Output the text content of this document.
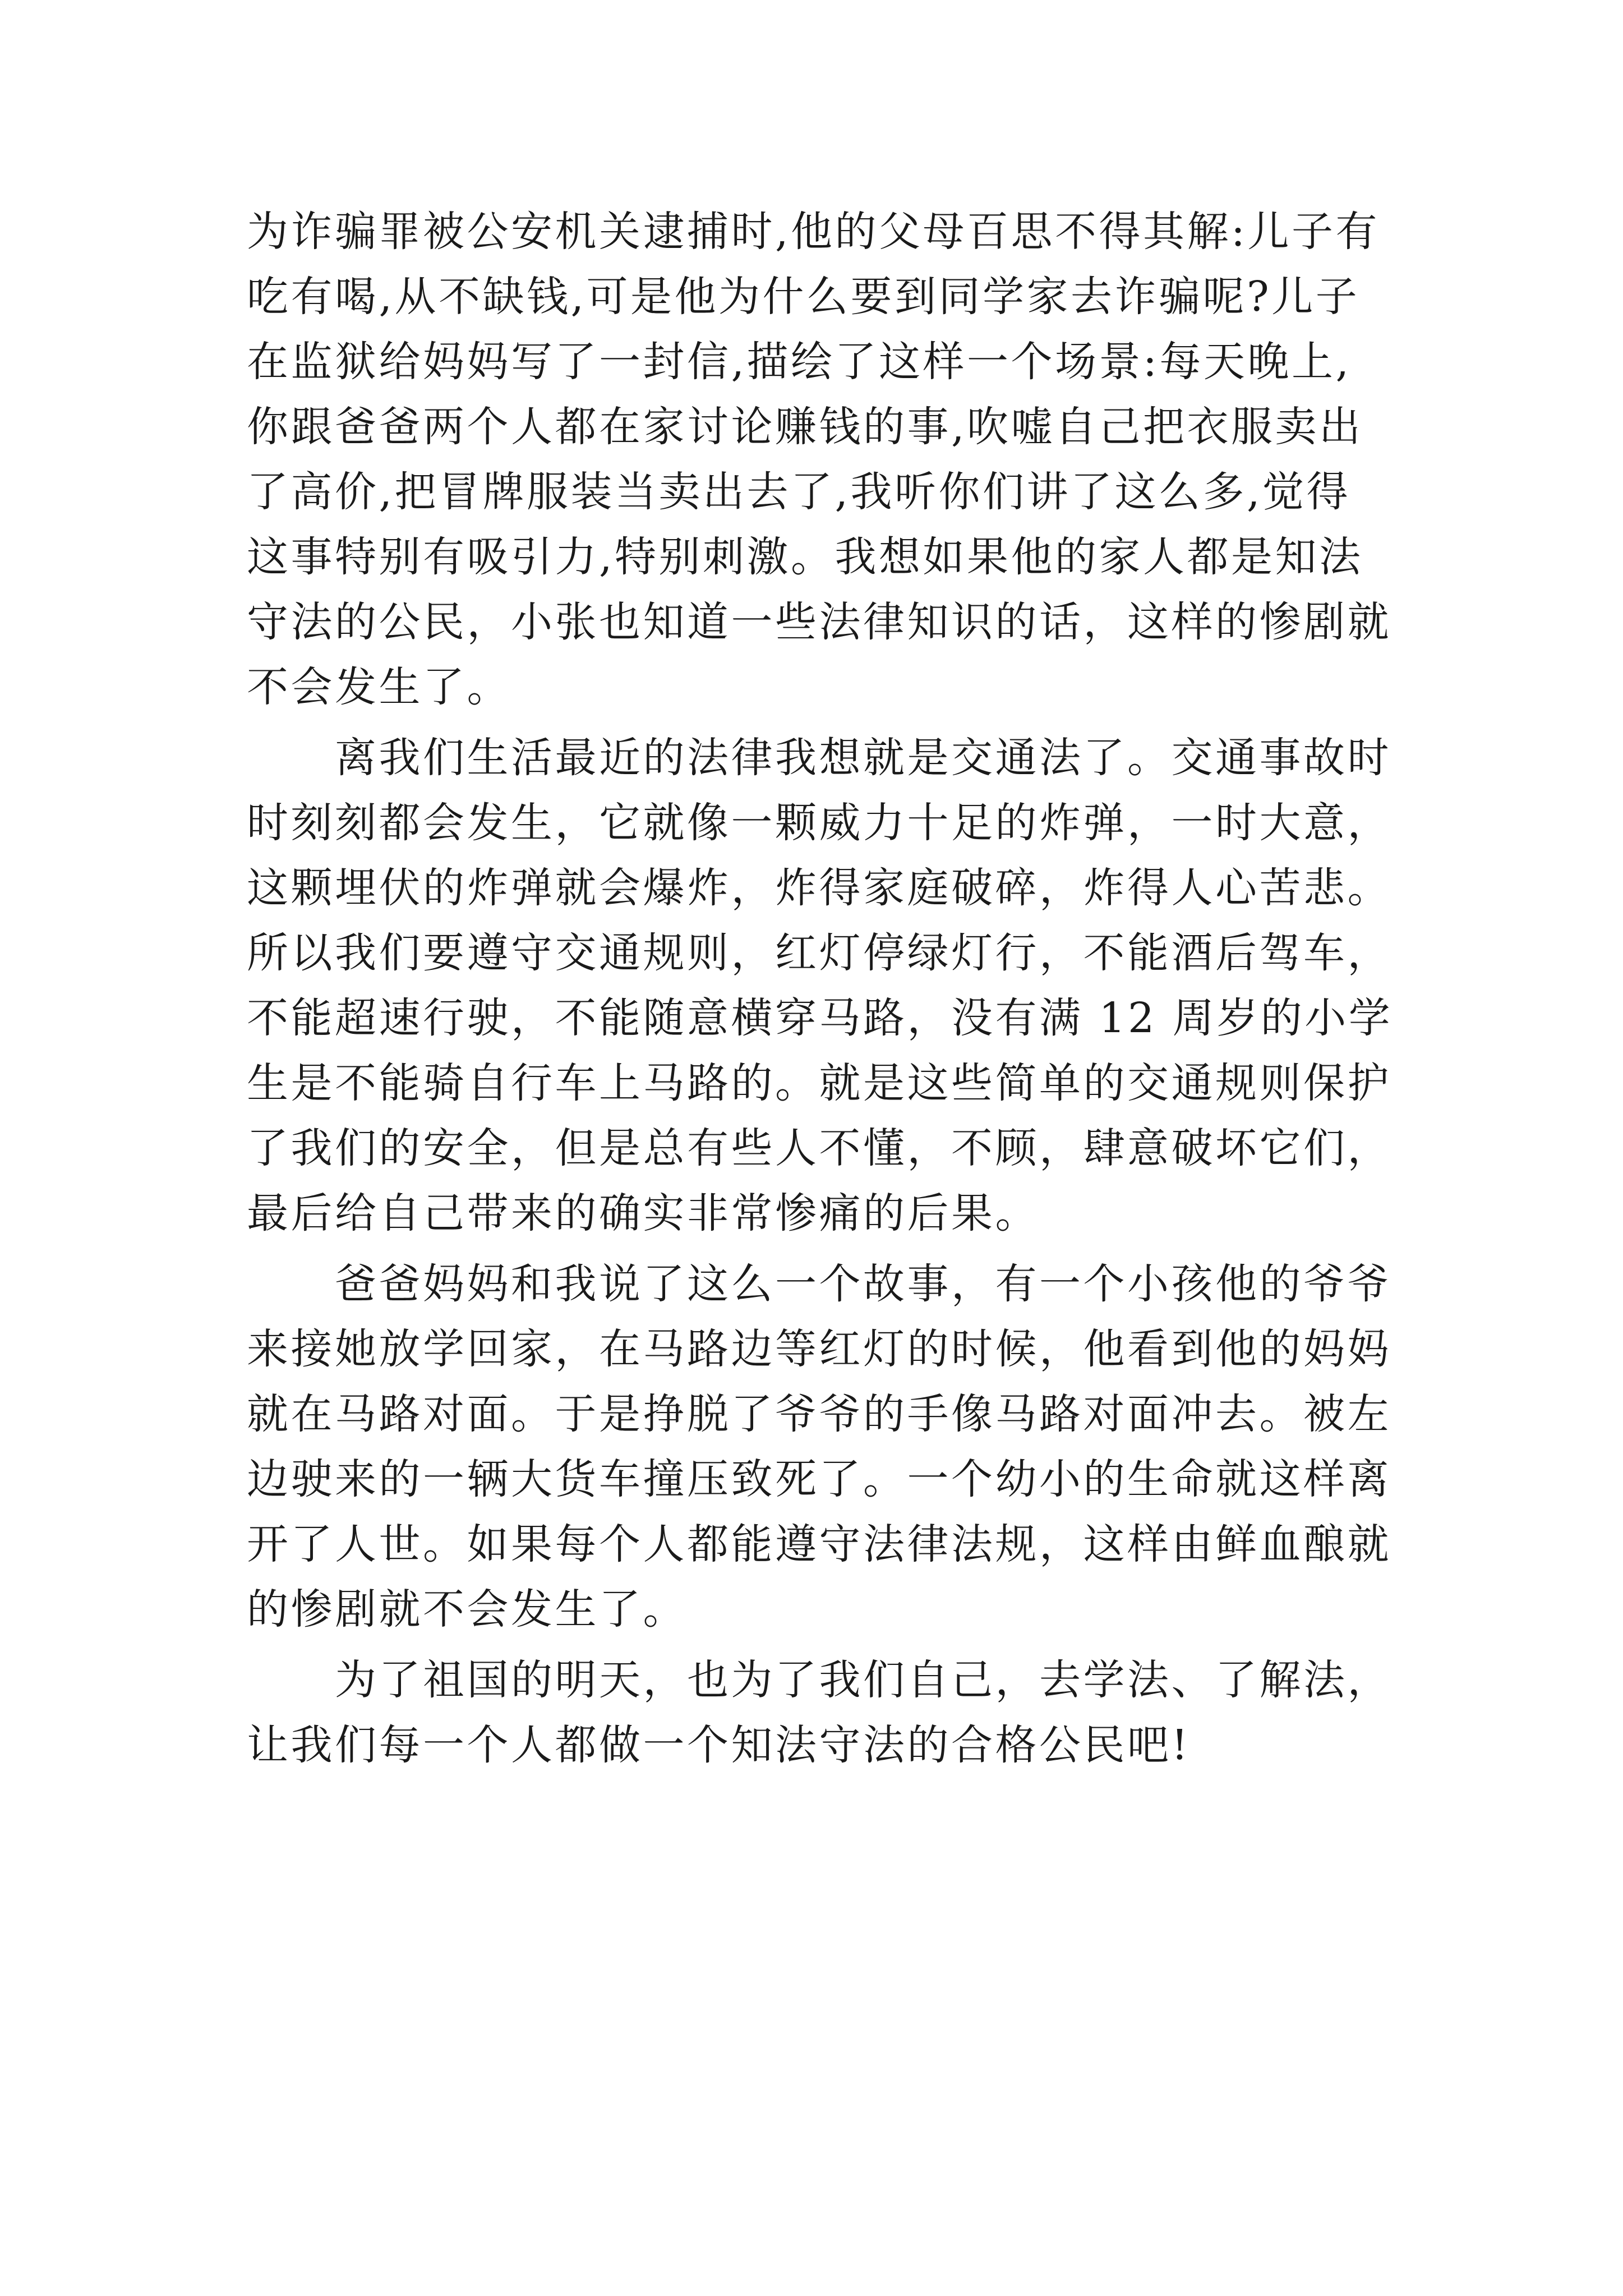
为诈骗罪被公安机关逮捕时,他的父母百思不得其解:儿子有
吃有喝,从不缺钱,可是他为什么要到同学家去诈骗呢?儿子
在监狱给妈妈写了一封信,描绘了这样一个场景:每天晚上,
你跟爸爸两个人都在家讨论赚钱的事,吹嘘自己把衣服卖出
了高价,把冒牌服装当卖出去了,我听你们讲了这么多,觉得
这事特别有吸引力,特别刺激。我想如果他的家人都是知法
守法的公民，小张也知道一些法律知识的话，这样的惨剧就
不会发生了。
　　离我们生活最近的法律我想就是交通法了。交通事故时
时刻刻都会发生，它就像一颗威力十足的炸弹，一时大意，
这颗埋伏的炸弹就会爆炸，炸得家庭破碎，炸得人心苦悲。
所以我们要遵守交通规则，红灯停绿灯行，不能酒后驾车，
不能超速行驶，不能随意横穿马路，没有满 12 周岁的小学
生是不能骑自行车上马路的。就是这些简单的交通规则保护
了我们的安全，但是总有些人不懂，不顾，肆意破坏它们，
最后给自己带来的确实非常惨痛的后果。
　　爸爸妈妈和我说了这么一个故事，有一个小孩他的爷爷
来接她放学回家，在马路边等红灯的时候，他看到他的妈妈
就在马路对面。于是挣脱了爷爷的手像马路对面冲去。被左
边驶来的一辆大货车撞压致死了。一个幼小的生命就这样离
开了人世。如果每个人都能遵守法律法规，这样由鲜血酿就
的惨剧就不会发生了。
　　为了祖国的明天，也为了我们自己，去学法、了解法，
让我们每一个人都做一个知法守法的合格公民吧!
